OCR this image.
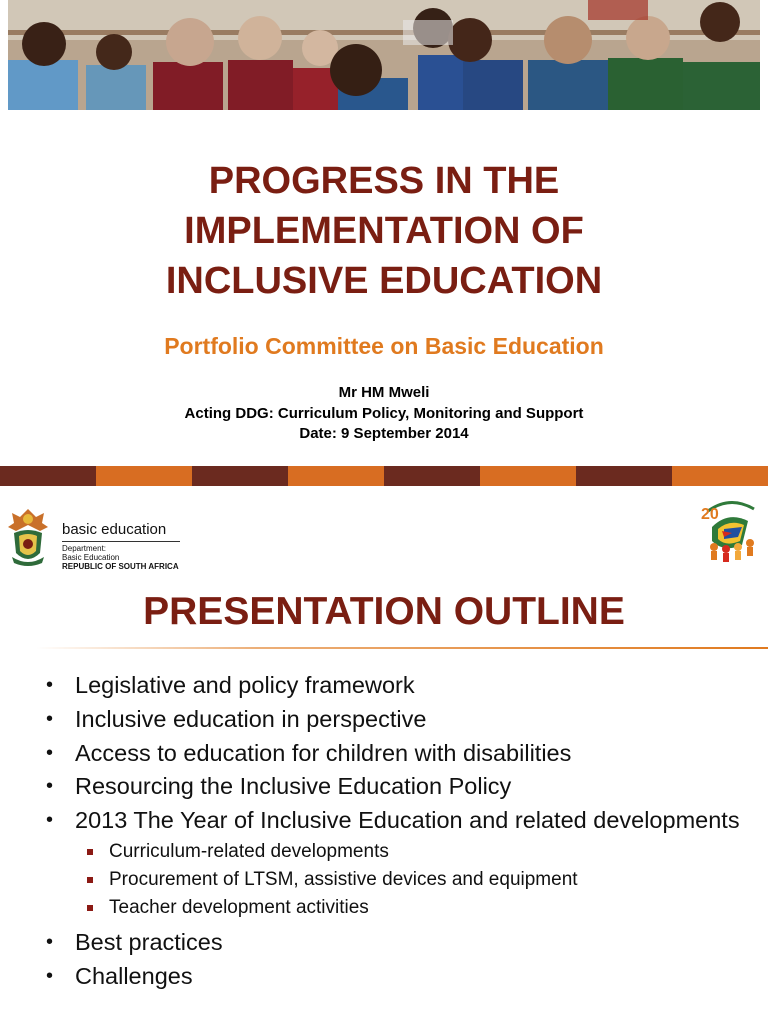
PROGRESS IN THE
IMPLEMENTATION OF
INCLUSIVE EDUCATION
Portfolio Committee on Basic Education
Mr HM Mweli
Acting DDG: Curriculum Policy, Monitoring and Support
Date: 9 September 2014
basic education
Department:
Basic Education
REPUBLIC OF SOUTH AFRICA
20
PRESENTATION OUTLINE
• Legislative and policy framework
• Inclusive education in perspective
• Access to education for children with disabilities
• Resourcing the Inclusive Education Policy
• 2013 The Year of Inclusive Education and related developments
Curriculum-related developments
Procurement of LTSM, assistive devices and equipment
Teacher development activities
• Best practices
• Challenges
